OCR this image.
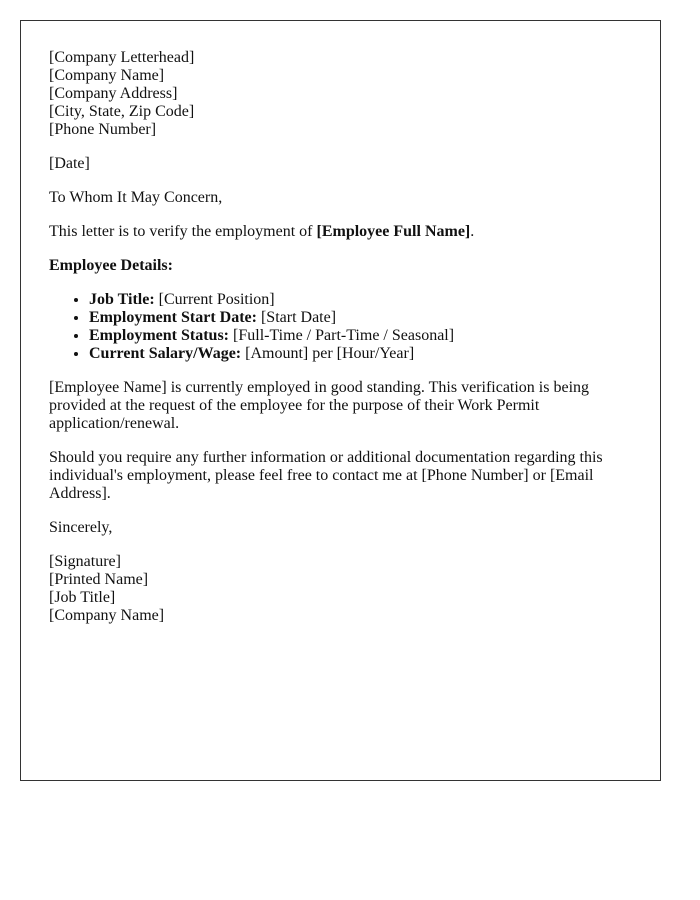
[Company Letterhead]
[Company Name]
[Company Address]
[City, State, Zip Code]
[Phone Number]

[Date]

To Whom It May Concern,

This letter is to verify the employment of [Employee Full Name].

Employee Details:

• Job Title: [Current Position]
• Employment Start Date: [Start Date]
• Employment Status: [Full-Time / Part-Time / Seasonal]
• Current Salary/Wage: [Amount] per [Hour/Year]

[Employee Name] is currently employed in good standing. This verification is being provided at the request of the employee for the purpose of their Work Permit application/renewal.

Should you require any further information or additional documentation regarding this individual's employment, please feel free to contact me at [Phone Number] or [Email Address].

Sincerely,

[Signature]
[Printed Name]
[Job Title]
[Company Name]
